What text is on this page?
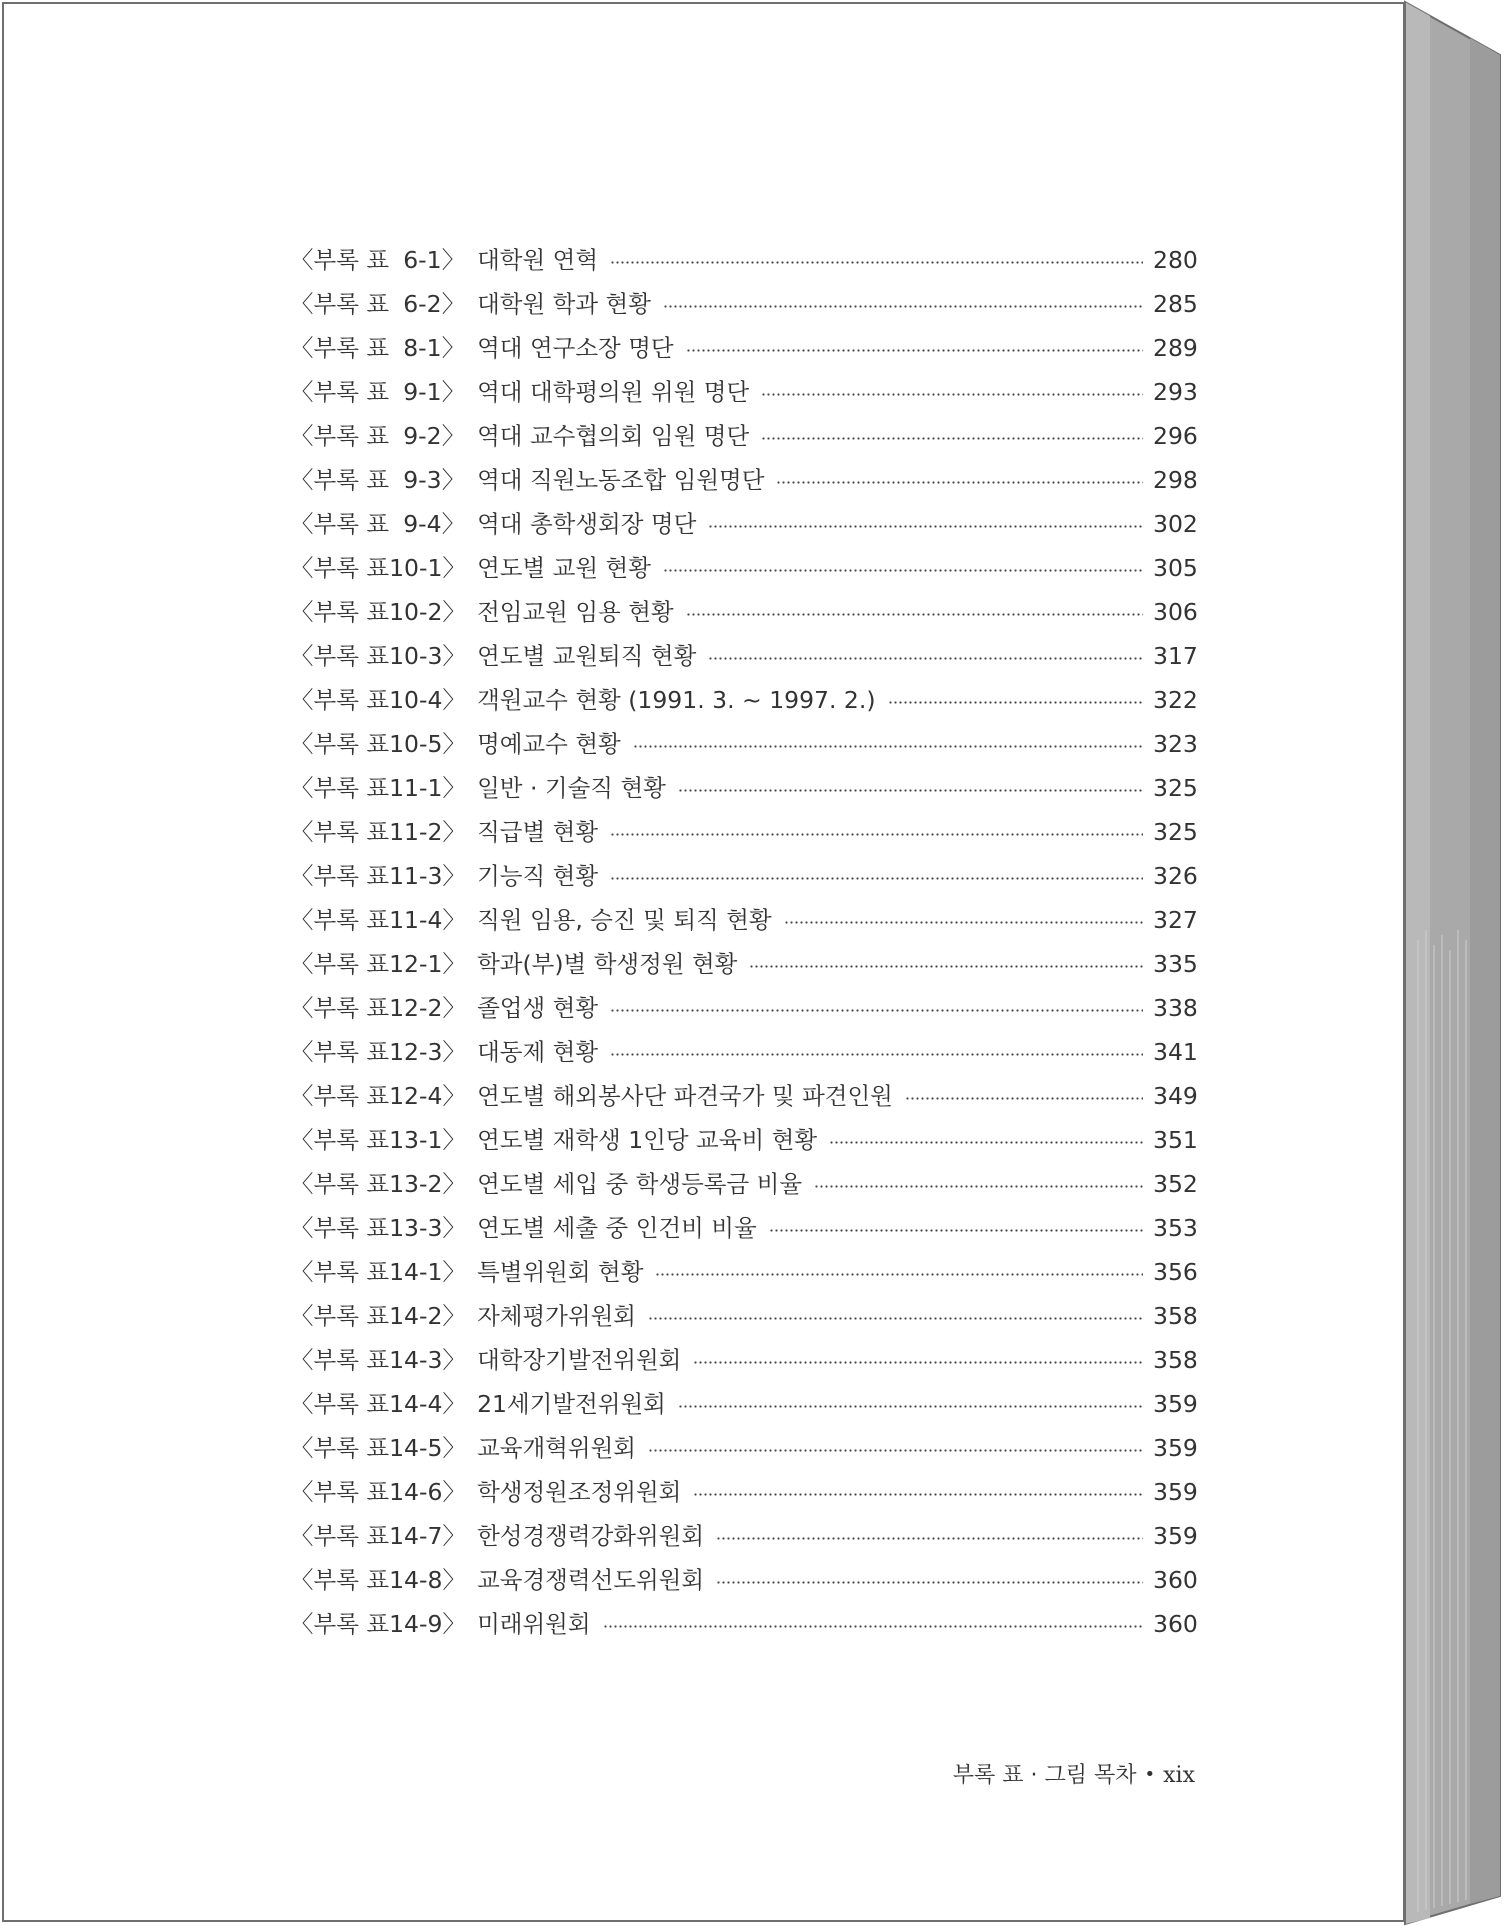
〈부록 표 6-1〉 대학원 연혁	280
〈부록 표 6-2〉 대학원 학과 현황	285
〈부록 표 8-1〉 역대 연구소장 명단	289
〈부록 표 9-1〉 역대 대학평의원 위원 명단	293
〈부록 표 9-2〉 역대 교수협의회 임원 명단	296
〈부록 표 9-3〉 역대 직원노동조합 임원명단	298
〈부록 표 9-4〉 역대 총학생회장 명단	302
〈부록 표 10-1〉 연도별 교원 현황	305
〈부록 표 10-2〉 전임교원 임용 현황	306
〈부록 표 10-3〉 연도별 교원퇴직 현황	317
〈부록 표 10-4〉 객원교수 현황 (1991. 3. ~ 1997. 2.)	322
〈부록 표 10-5〉 명예교수 현황	323
〈부록 표 11-1〉 일반 · 기술직 현황	325
〈부록 표 11-2〉 직급별 현황	325
〈부록 표 11-3〉 기능직 현황	326
〈부록 표 11-4〉 직원 임용, 승진 및 퇴직 현황	327
〈부록 표 12-1〉 학과(부)별 학생정원 현황	335
〈부록 표 12-2〉 졸업생 현황	338
〈부록 표 12-3〉 대동제 현황	341
〈부록 표 12-4〉 연도별 해외봉사단 파견국가 및 파견인원	349
〈부록 표 13-1〉 연도별 재학생 1인당 교육비 현황	351
〈부록 표 13-2〉 연도별 세입 중 학생등록금 비율	352
〈부록 표 13-3〉 연도별 세출 중 인건비 비율	353
〈부록 표 14-1〉 특별위원회 현황	356
〈부록 표 14-2〉 자체평가위원회	358
〈부록 표 14-3〉 대학장기발전위원회	358
〈부록 표 14-4〉 21세기발전위원회	359
〈부록 표 14-5〉 교육개혁위원회	359
〈부록 표 14-6〉 학생정원조정위원회	359
〈부록 표 14-7〉 한성경쟁력강화위원회	359
〈부록 표 14-8〉 교육경쟁력선도위원회	360
〈부록 표 14-9〉 미래위원회	360
부록 표 · 그림 목차 • xix
